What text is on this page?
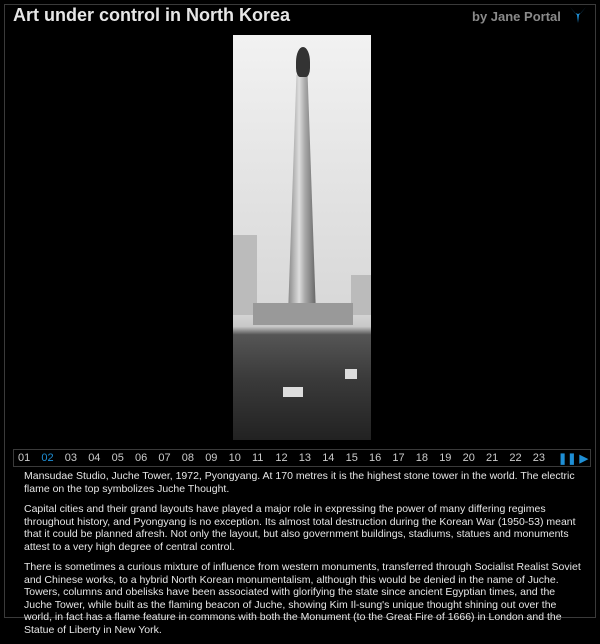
Art under control in North Korea	by Jane Portal
❚❚ ▶
01 02 03 04 05 06 07 08 09 10 11 12 13 14 15 16 17 18 19 20 21 22 23

Mansudae Studio, Juche Tower, 1972, Pyongyang. At 170 metres it is the highest stone tower in the world. The electric flame on the top symbolizes Juche Thought.

Capital cities and their grand layouts have played a major role in expressing the power of many differing regimes throughout history, and Pyongyang is no exception. Its almost total destruction during the Korean War (1950-53) meant that it could be planned afresh. Not only the layout, but also government buildings, stadiums, statues and monuments attest to a very high degree of central control.

There is sometimes a curious mixture of influence from western monuments, transferred through Socialist Realist Soviet and Chinese works, to a hybrid North Korean monumentalism, although this would be denied in the name of Juche. Towers, columns and obelisks have been associated with glorifying the state since ancient Egyptian times, and the Juche Tower, while built as the flaming beacon of Juche, showing Kim Il-sung's unique thought shining out over the world, in fact has a flame feature in commons with both the Monument (to the Great Fire of 1666) in London and the Statue of Liberty in New York.
